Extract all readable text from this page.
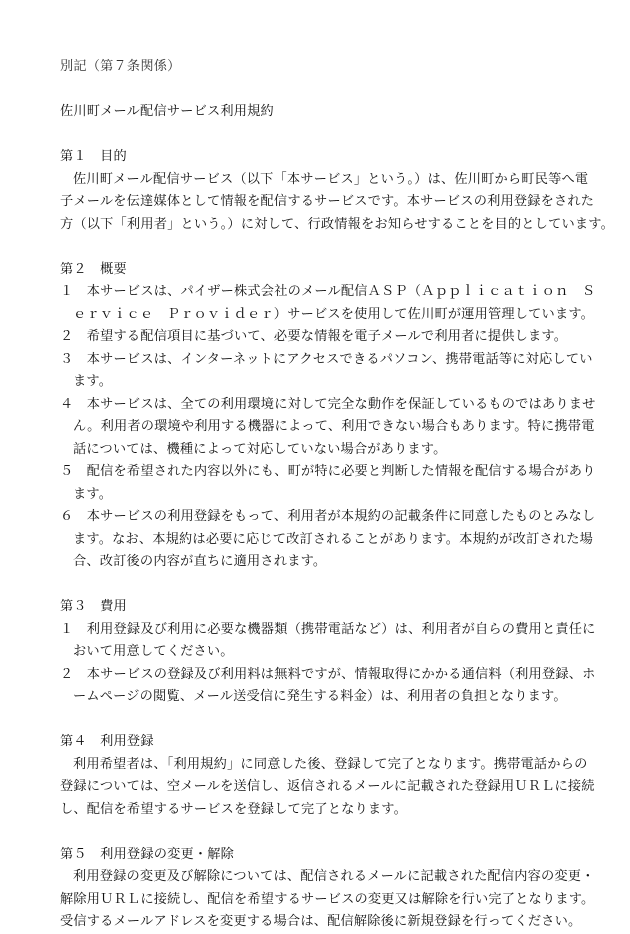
別記（第７条関係）
佐川町メール配信サービス利用規約
第１　目的
佐川町メール配信サービス（以下「本サービス」という。）は、佐川町から町民等へ電
子メールを伝達媒体として情報を配信するサービスです。本サービスの利用登録をされた
方（以下「利用者」という。）に対して、行政情報をお知らせすることを目的としています。
第２　概要
１　本サービスは、パイザー株式会社のメール配信ＡＳＰ（Ａｐｐｌｉｃａｔｉｏｎ　Ｓ
ｅｒｖｉｃｅ　Ｐｒｏｖｉｄｅｒ）サービスを使用して佐川町が運用管理しています。
２　希望する配信項目に基づいて、必要な情報を電子メールで利用者に提供します。
３　本サービスは、インターネットにアクセスできるパソコン、携帯電話等に対応してい
ます。
４　本サービスは、全ての利用環境に対して完全な動作を保証しているものではありませ
ん。利用者の環境や利用する機器によって、利用できない場合もあります。特に携帯電
話については、機種によって対応していない場合があります。
５　配信を希望された内容以外にも、町が特に必要と判断した情報を配信する場合があり
ます。
６　本サービスの利用登録をもって、利用者が本規約の記載条件に同意したものとみなし
ます。なお、本規約は必要に応じて改訂されることがあります。本規約が改訂された場
合、改訂後の内容が直ちに適用されます。
第３　費用
１　利用登録及び利用に必要な機器類（携帯電話など）は、利用者が自らの費用と責任に
おいて用意してください。
２　本サービスの登録及び利用料は無料ですが、情報取得にかかる通信料（利用登録、ホ
ームページの閲覧、メール送受信に発生する料金）は、利用者の負担となります。
第４　利用登録
利用希望者は、「利用規約」に同意した後、登録して完了となります。携帯電話からの
登録については、空メールを送信し、返信されるメールに記載された登録用ＵＲＬに接続
し、配信を希望するサービスを登録して完了となります。
第５　利用登録の変更・解除
利用登録の変更及び解除については、配信されるメールに記載された配信内容の変更・
解除用ＵＲＬに接続し、配信を希望するサービスの変更又は解除を行い完了となります。
受信するメールアドレスを変更する場合は、配信解除後に新規登録を行ってください。
